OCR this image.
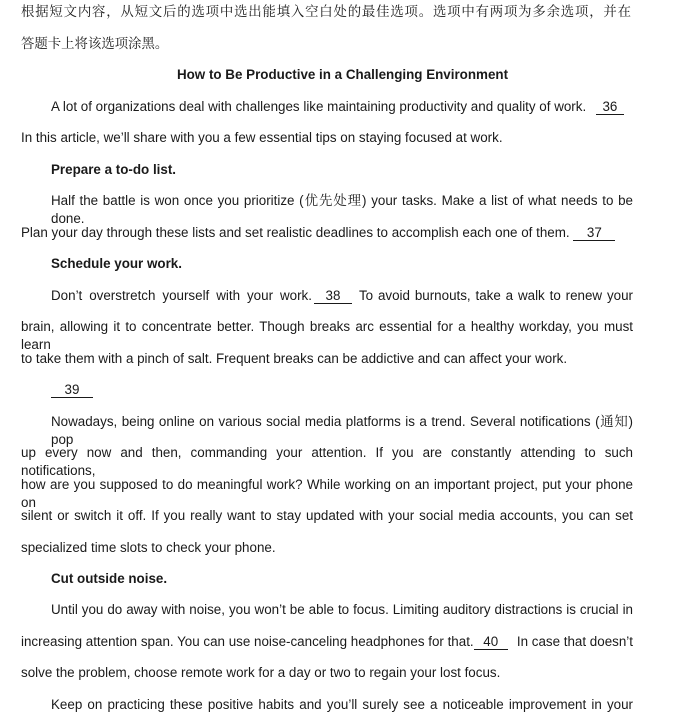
根据短文内容，从短文后的选项中选出能填入空白处的最佳选项。选项中有两项为多余选项，并在
答题卡上将该选项涂黑。
How to Be Productive in a Challenging Environment
A lot of organizations deal with challenges like maintaining productivity and quality of work. 36
In this article, we’ll share with you a few essential tips on staying focused at work.
Prepare a to-do list.
Half the battle is won once you prioritize (优先处理) your tasks. Make a list of what needs to be done.
Plan your day through these lists and set realistic deadlines to accomplish each one of them. 37
Schedule your work.
Don’t overstretch yourself with your work.	38	To avoid burnouts, take a walk to renew your
brain, allowing it to concentrate better. Though breaks arc essential for a healthy workday, you must learn
to take them with a pinch of salt. Frequent breaks can be addictive and can affect your work.
39
Nowadays, being online on various social media platforms is a trend. Several notifications (通知) pop
up every now and then, commanding your attention. If you are constantly attending to such notifications,
how are you supposed to do meaningful work? While working on an important project, put your phone on
silent or switch it off. If you really want to stay updated with your social media accounts, you can set
specialized time slots to check your phone.
Cut outside noise.
Until you do away with noise, you won’t be able to focus. Limiting auditory distractions is crucial in
increasing attention span. You can use noise-canceling headphones for that. 40	In case that doesn’t
solve the problem, choose remote work for a day or two to regain your lost focus.
Keep on practicing these positive habits and you’ll surely see a noticeable improvement in your
